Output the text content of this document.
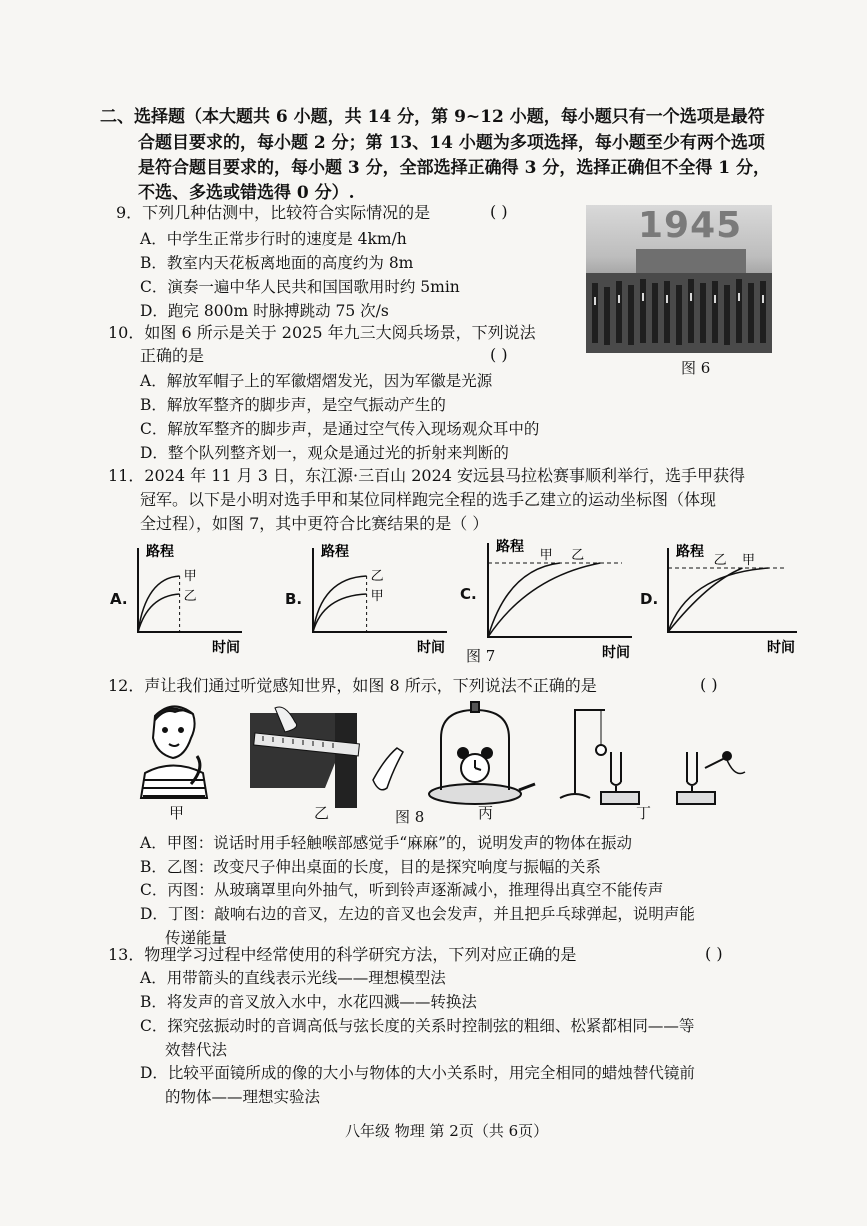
二、选择题（本大题共 6 小题，共 14 分，第 9~12 小题，每小题只有一个选项是最符
合题目要求的，每小题 2 分；第 13、14 小题为多项选择，每小题至少有两个选项
是符合题目要求的，每小题 3 分，全部选择正确得 3 分，选择正确但不全得 1 分，
不选、多选或错选得 0 分）.
9．下列几种估测中，比较符合实际情况的是	( )
A．中学生正常步行时的速度是 4km/h
B．教室内天花板离地面的高度约为 8m
C．演奏一遍中华人民共和国国歌用时约 5min
D．跑完 800m 时脉搏跳动 75 次/s
1945
图 6
10．如图 6 所示是关于 2025 年九三大阅兵场景，下列说法
正确的是	( )
A．解放军帽子上的军徽熠熠发光，因为军徽是光源
B．解放军整齐的脚步声，是空气振动产生的
C．解放军整齐的脚步声，是通过空气传入现场观众耳中的
D．整个队列整齐划一，观众是通过光的折射来判断的
11．2024 年 11 月 3 日，东江源·三百山 2024 安远县马拉松赛事顺利举行，选手甲获得
冠军。以下是小明对选手甲和某位同样跑完全程的选手乙建立的运动坐标图（体现
全过程），如图 7，其中更符合比赛结果的是（ ）
A.
路程
时间
甲
乙	B.
路程
时间
乙
甲	C.
路程
时间
甲 乙
D.
路程
时间
乙 甲
图 7
12．声让我们通过听觉感知世界，如图 8 所示，下列说法不正确的是	( )
甲	乙	图 8	丙	丁
A．甲图：说话时用手轻触喉部感觉手“麻麻”的，说明发声的物体在振动
B．乙图：改变尺子伸出桌面的长度，目的是探究响度与振幅的关系
C．丙图：从玻璃罩里向外抽气，听到铃声逐渐减小，推理得出真空不能传声
D．丁图：敲响右边的音叉，左边的音叉也会发声，并且把乒乓球弹起，说明声能
传递能量
13．物理学习过程中经常使用的科学研究方法，下列对应正确的是	( )
A．用带箭头的直线表示光线——理想模型法
B．将发声的音叉放入水中，水花四溅——转换法
C．探究弦振动时的音调高低与弦长度的关系时控制弦的粗细、松紧都相同——等
效替代法
D．比较平面镜所成的像的大小与物体的大小关系时，用完全相同的蜡烛替代镜前
的物体——理想实验法
八年级 物理 第 2页（共 6页）
